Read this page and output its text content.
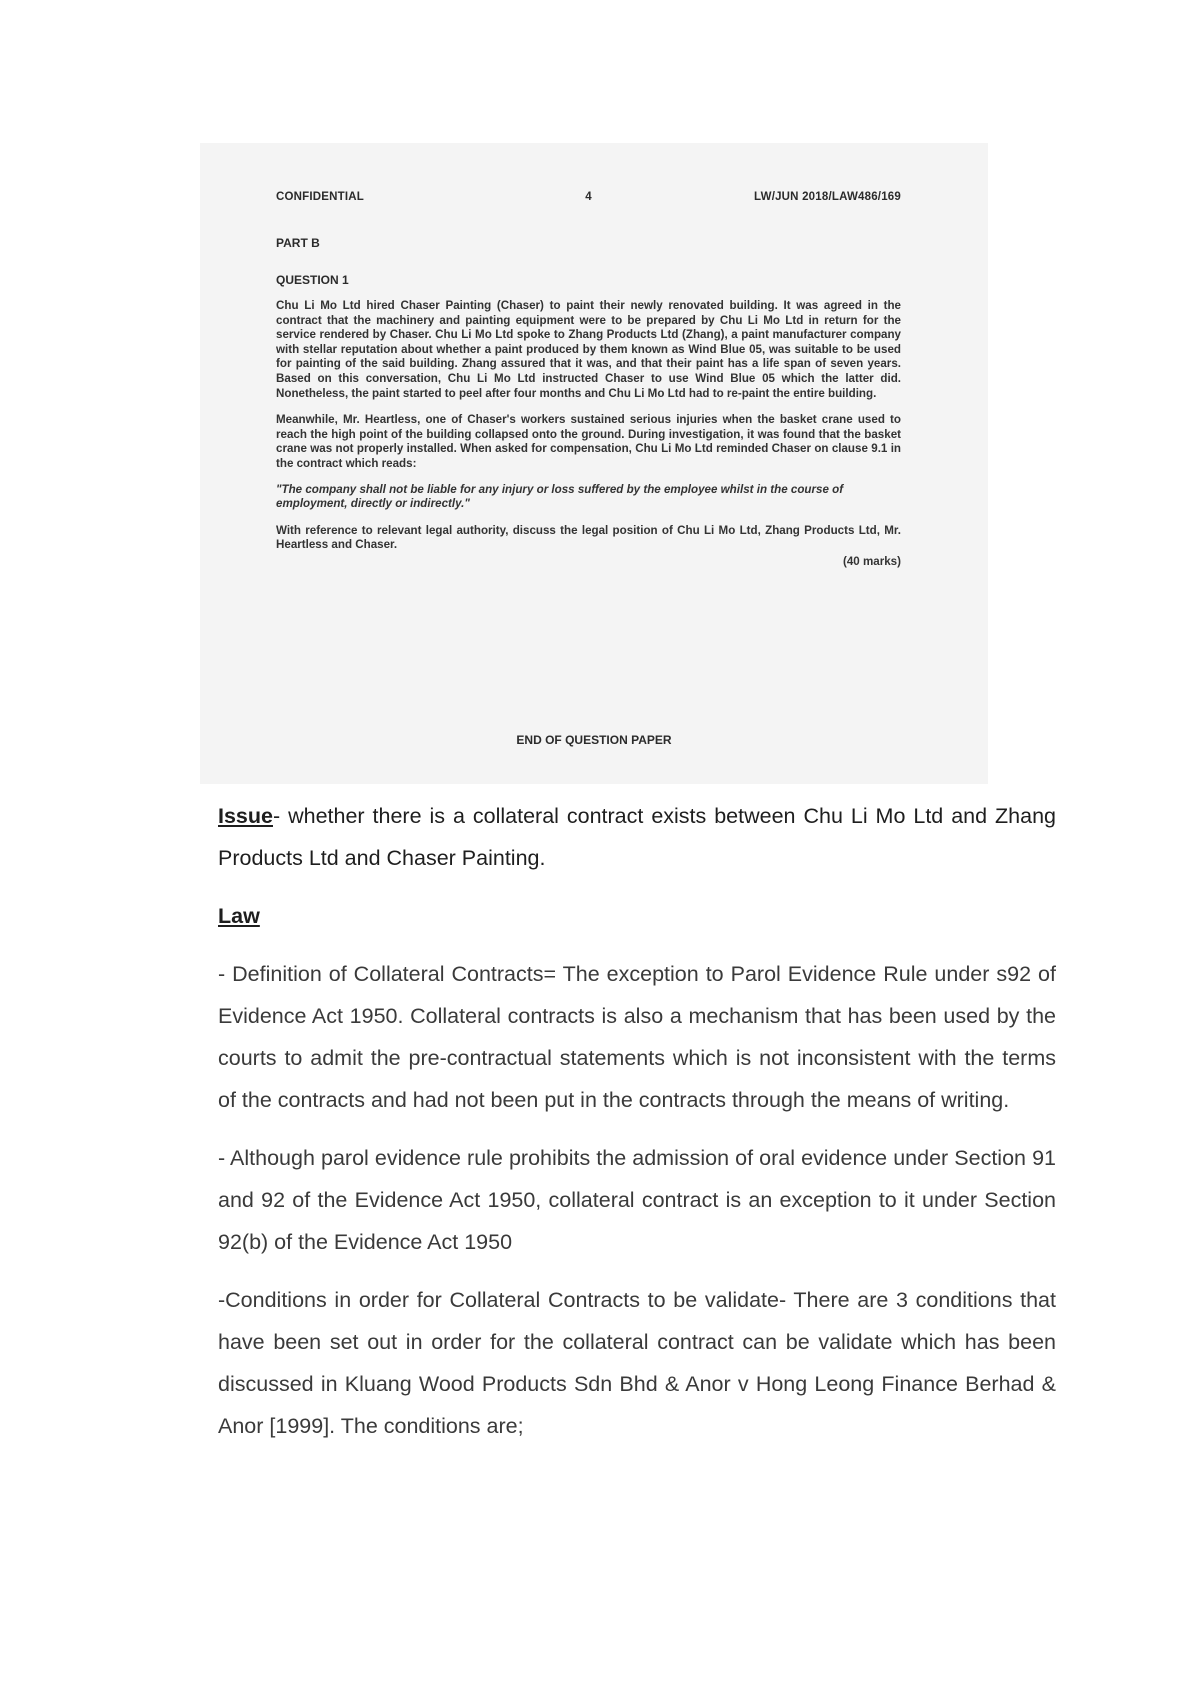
CONFIDENTIAL	4	LW/JUN 2018/LAW486/169
PART B
QUESTION 1
Chu Li Mo Ltd hired Chaser Painting (Chaser) to paint their newly renovated building. It was agreed in the contract that the machinery and painting equipment were to be prepared by Chu Li Mo Ltd in return for the service rendered by Chaser. Chu Li Mo Ltd spoke to Zhang Products Ltd (Zhang), a paint manufacturer company with stellar reputation about whether a paint produced by them known as Wind Blue 05, was suitable to be used for painting of the said building. Zhang assured that it was, and that their paint has a life span of seven years. Based on this conversation, Chu Li Mo Ltd instructed Chaser to use Wind Blue 05 which the latter did. Nonetheless, the paint started to peel after four months and Chu Li Mo Ltd had to re-paint the entire building.
Meanwhile, Mr. Heartless, one of Chaser's workers sustained serious injuries when the basket crane used to reach the high point of the building collapsed onto the ground. During investigation, it was found that the basket crane was not properly installed. When asked for compensation, Chu Li Mo Ltd reminded Chaser on clause 9.1 in the contract which reads:
"The company shall not be liable for any injury or loss suffered by the employee whilst in the course of employment, directly or indirectly."
With reference to relevant legal authority, discuss the legal position of Chu Li Mo Ltd, Zhang Products Ltd, Mr. Heartless and Chaser.
(40 marks)
END OF QUESTION PAPER

Issue- whether there is a collateral contract exists between Chu Li Mo Ltd and Zhang Products Ltd and Chaser Painting.

Law

- Definition of Collateral Contracts= The exception to Parol Evidence Rule under s92 of Evidence Act 1950. Collateral contracts is also a mechanism that has been used by the courts to admit the pre-contractual statements which is not inconsistent with the terms of the contracts and had not been put in the contracts through the means of writing.

- Although parol evidence rule prohibits the admission of oral evidence under Section 91 and 92 of the Evidence Act 1950, collateral contract is an exception to it under Section 92(b) of the Evidence Act 1950

-Conditions in order for Collateral Contracts to be validate- There are 3 conditions that have been set out in order for the collateral contract can be validate which has been discussed in Kluang Wood Products Sdn Bhd & Anor v Hong Leong Finance Berhad & Anor [1999]. The conditions are;
